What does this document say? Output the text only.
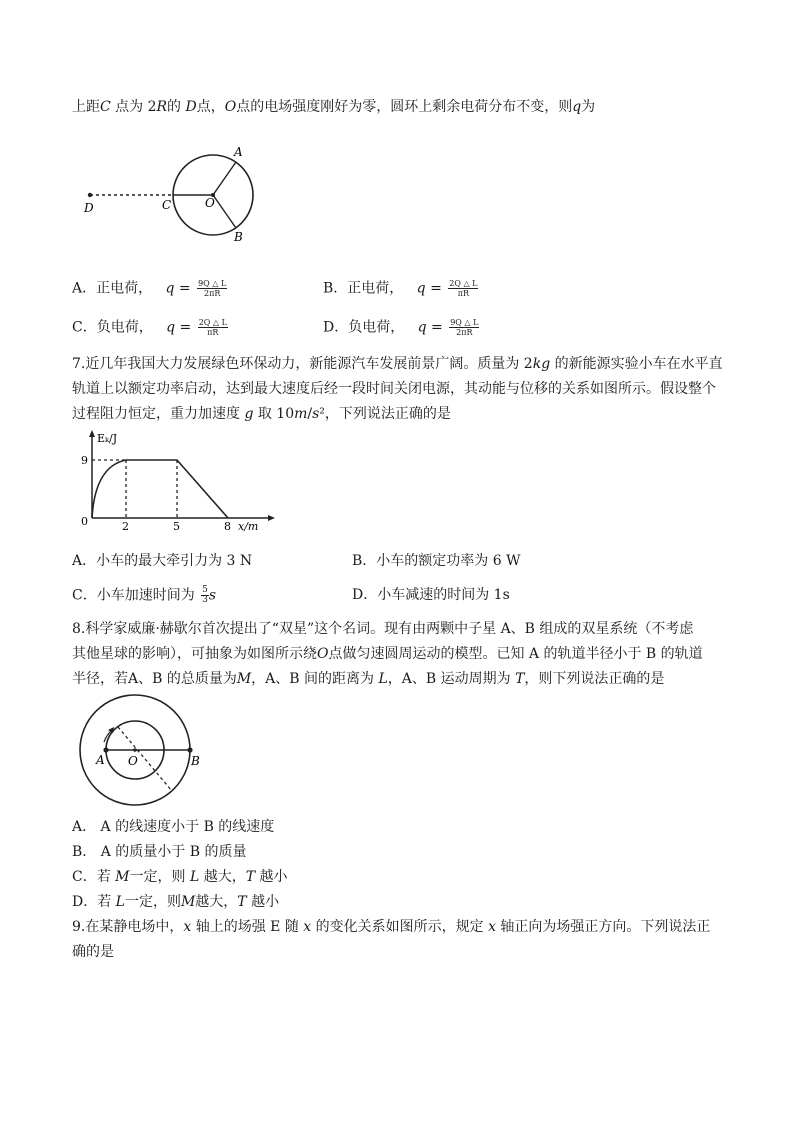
上距𝐶 点为 2𝑅的 𝐷点，𝑂点的电场强度刚好为零，圆环上剩余电荷分布不变，则𝑞为
D	C	O
A
B
A．正电荷， $q = \frac{9Q \triangle L}{2\pi R}$	B．正电荷， $q = \frac{2Q \triangle L}{\pi R}$
C．负电荷， $q = \frac{2Q \triangle L}{\pi R}$	D．负电荷， $q = \frac{9Q \triangle L}{2\pi R}$
7.近几年我国大力发展绿色环保动力，新能源汽车发展前景广阔。质量为 2𝑘𝑔 的新能源实验小车在水平直
轨道上以额定功率启动，达到最大速度后经一段时间关闭电源，其动能与位移的关系如图所示。假设整个
过程阻力恒定，重力加速度 𝑔 取 10𝑚/𝑠²，下列说法正确的是
Eₖ/J
9
0	2	5	8 x/m
A．小车的最大牵引力为 3 N	B．小车的额定功率为 6 W
C．小车加速时间为 $\frac{5}{3}$ s	D．小车减速的时间为 1s
8.科学家威廉·赫歇尔首次提出了“双星”这个名词。现有由两颗中子星 A、B 组成的双星系统（不考虑
其他星球的影响），可抽象为如图所示绕𝑂点做匀速圆周运动的模型。已知 A 的轨道半径小于 B 的轨道
半径，若A、B 的总质量为𝑀，A、B 间的距离为 𝐿，A、B 运动周期为 𝑇，则下列说法正确的是
A O	B
A． A 的线速度小于 B 的线速度
B． A 的质量小于 B 的质量
C．若 𝑀一定，则 𝐿 越大，𝑇 越小
D．若 𝐿一定，则𝑀越大，𝑇 越小
9.在某静电场中，𝑥 轴上的场强 E 随 𝑥 的变化关系如图所示，规定 𝑥 轴正向为场强正方向。下列说法正
确的是
